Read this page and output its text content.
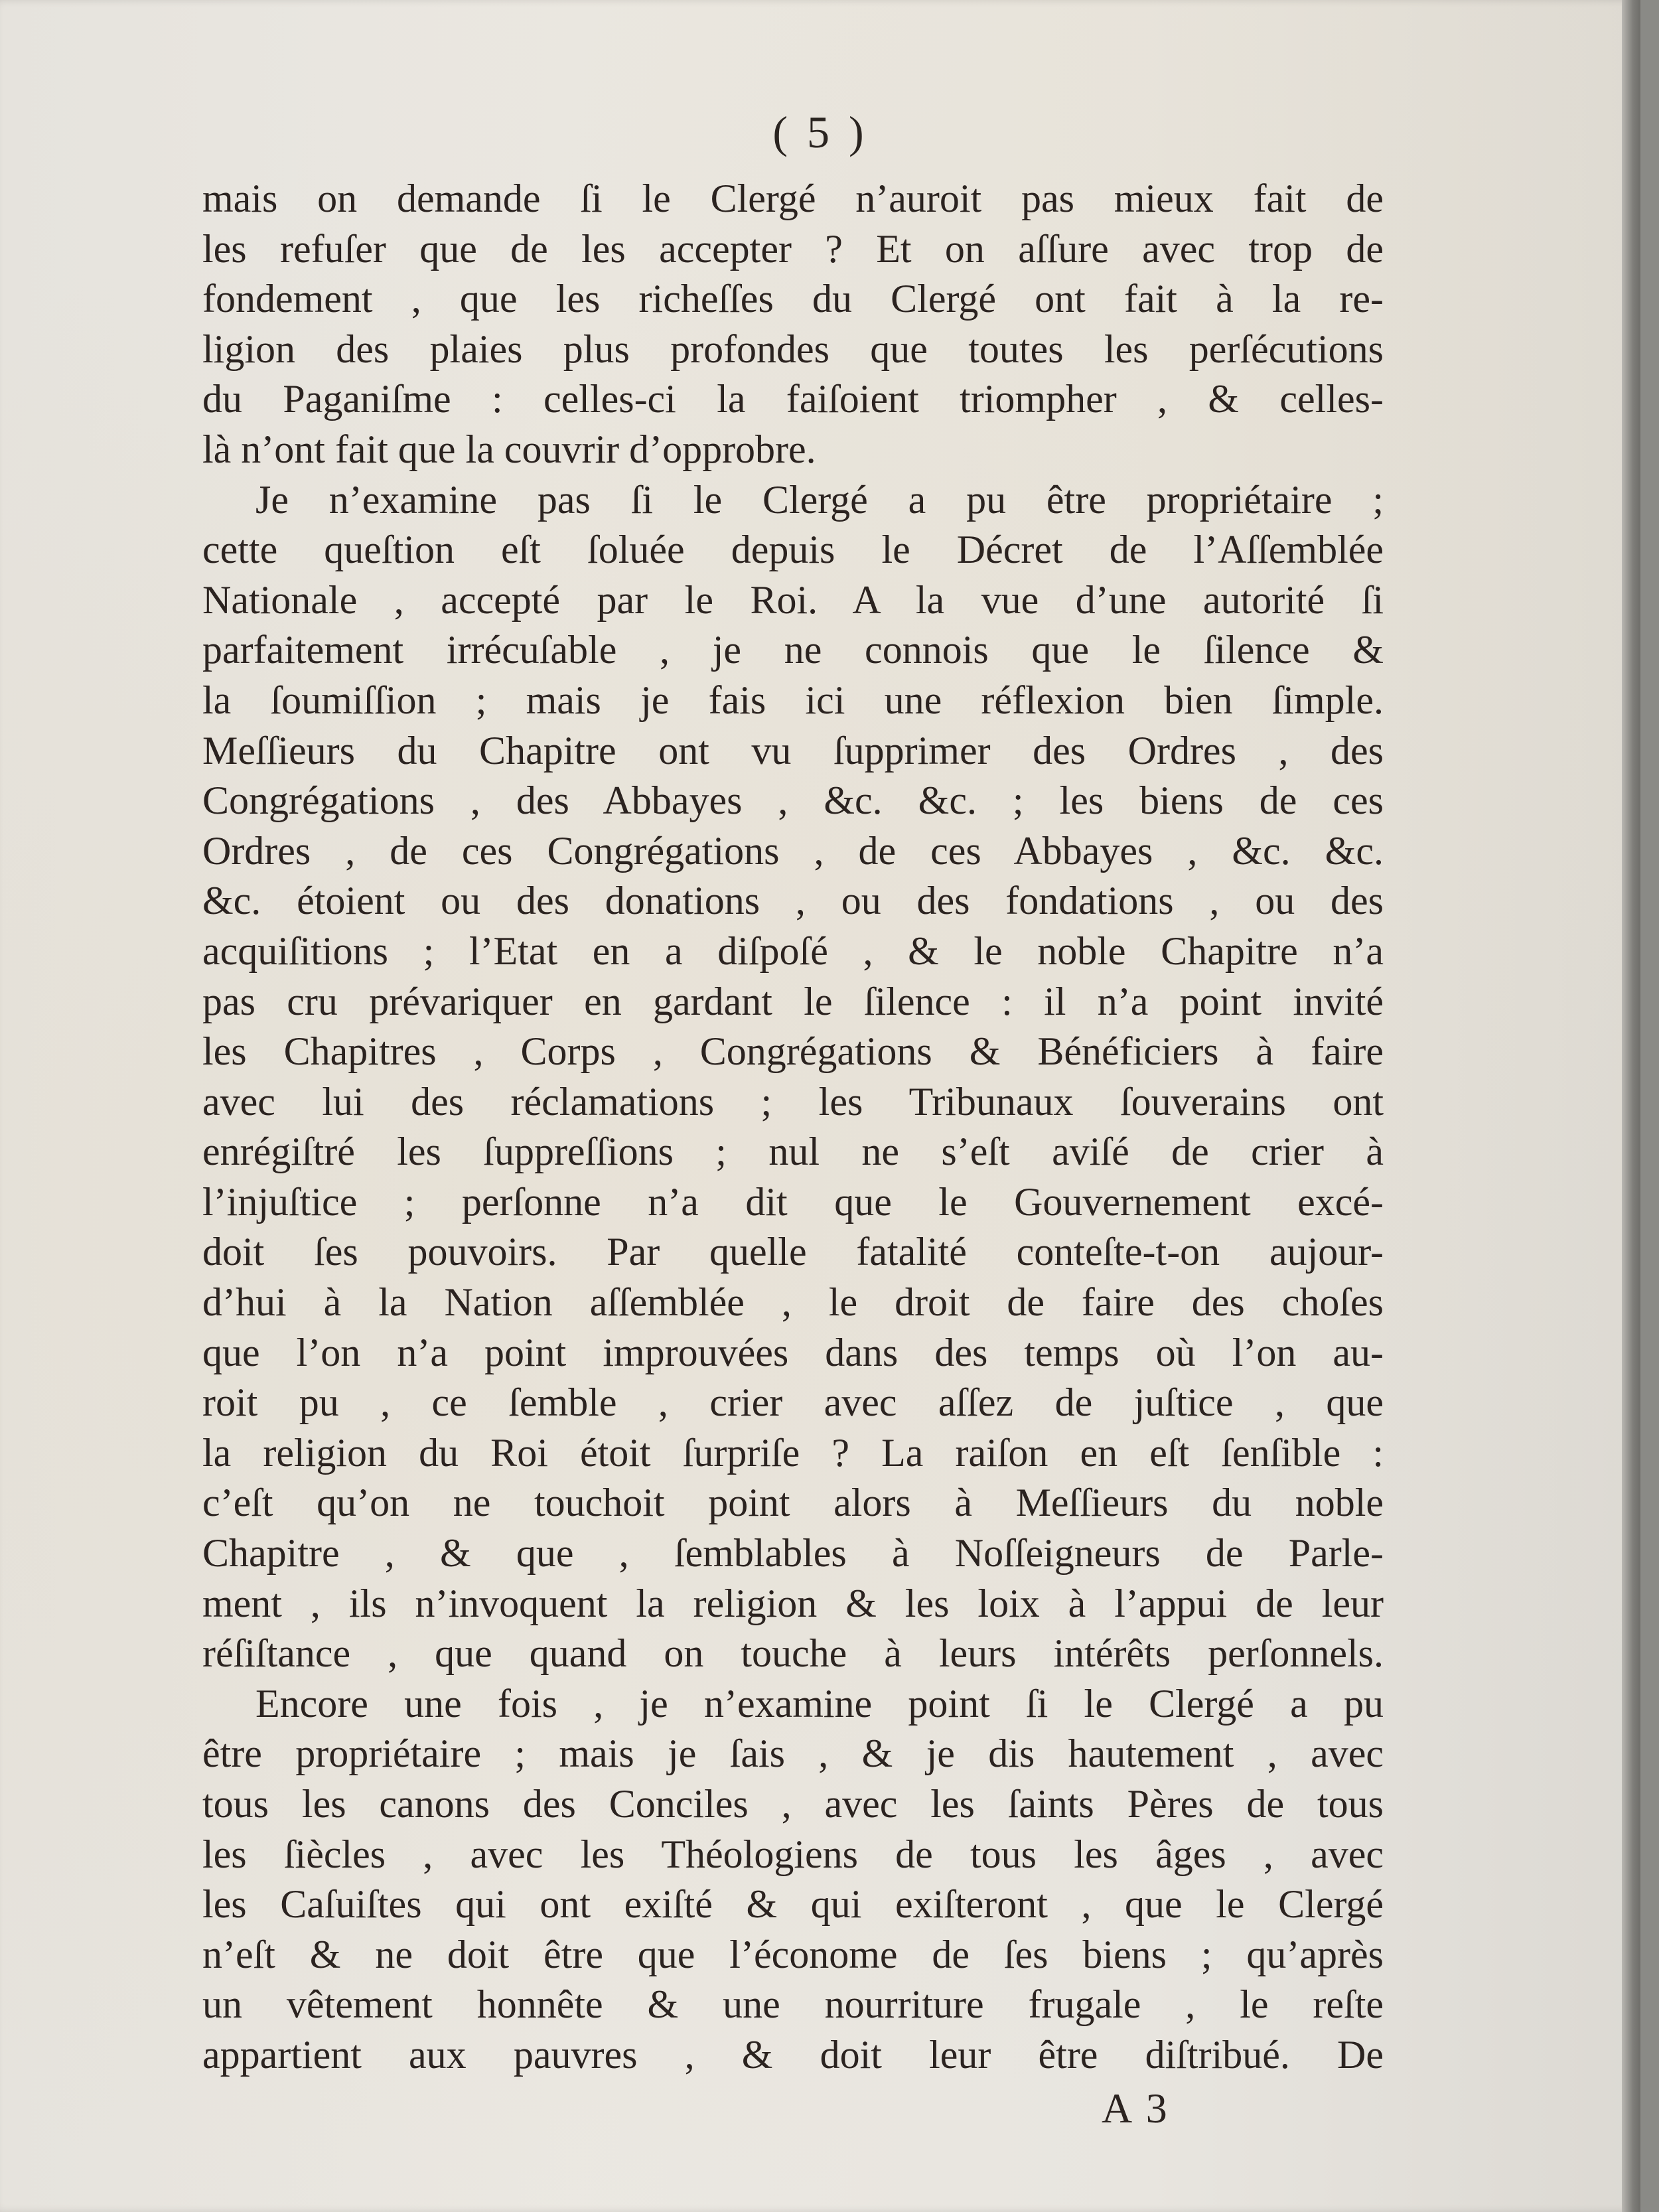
( 5 )
mais on demande ſi le Clergé n’auroit pas mieux fait de
les refuſer que de les accepter ? Et on aſſure avec trop de
fondement , que les richeſſes du Clergé ont fait à la re-
ligion des plaies plus profondes que toutes les perſécutions
du Paganiſme : celles-ci la faiſoient triompher , & celles-
là n’ont fait que la couvrir d’opprobre.
Je n’examine pas ſi le Clergé a pu être propriétaire ;
cette queſtion eſt ſoluée depuis le Décret de l’Aſſemblée
Nationale , accepté par le Roi. A la vue d’une autorité ſi
parfaitement irrécuſable , je ne connois que le ſilence &
la ſoumiſſion ; mais je fais ici une réflexion bien ſimple.
Meſſieurs du Chapitre ont vu ſupprimer des Ordres , des
Congrégations , des Abbayes , &c. &c. ; les biens de ces
Ordres , de ces Congrégations , de ces Abbayes , &c. &c.
&c. étoient ou des donations , ou des fondations , ou des
acquiſitions ; l’Etat en a diſpoſé , & le noble Chapitre n’a
pas cru prévariquer en gardant le ſilence : il n’a point invité
les Chapitres , Corps , Congrégations & Bénéficiers à faire
avec lui des réclamations ; les Tribunaux ſouverains ont
enrégiſtré les ſuppreſſions ; nul ne s’eſt aviſé de crier à
l’injuſtice ; perſonne n’a dit que le Gouvernement excé-
doit ſes pouvoirs. Par quelle fatalité conteſte-t-on aujour-
d’hui à la Nation aſſemblée , le droit de faire des choſes
que l’on n’a point improuvées dans des temps où l’on au-
roit pu , ce ſemble , crier avec aſſez de juſtice , que
la religion du Roi étoit ſurpriſe ? La raiſon en eſt ſenſible :
c’eſt qu’on ne touchoit point alors à Meſſieurs du noble
Chapitre , & que , ſemblables à Noſſeigneurs de Parle-
ment , ils n’invoquent la religion & les loix à l’appui de leur
réſiſtance , que quand on touche à leurs intérêts perſonnels.
Encore une fois , je n’examine point ſi le Clergé a pu
être propriétaire ; mais je ſais , & je dis hautement , avec
tous les canons des Conciles , avec les ſaints Pères de tous
les ſiècles , avec les Théologiens de tous les âges , avec
les Caſuiſtes qui ont exiſté & qui exiſteront , que le Clergé
n’eſt & ne doit être que l’économe de ſes biens ; qu’après
un vêtement honnête & une nourriture frugale , le reſte
appartient aux pauvres , & doit leur être diſtribué. De
A 3
